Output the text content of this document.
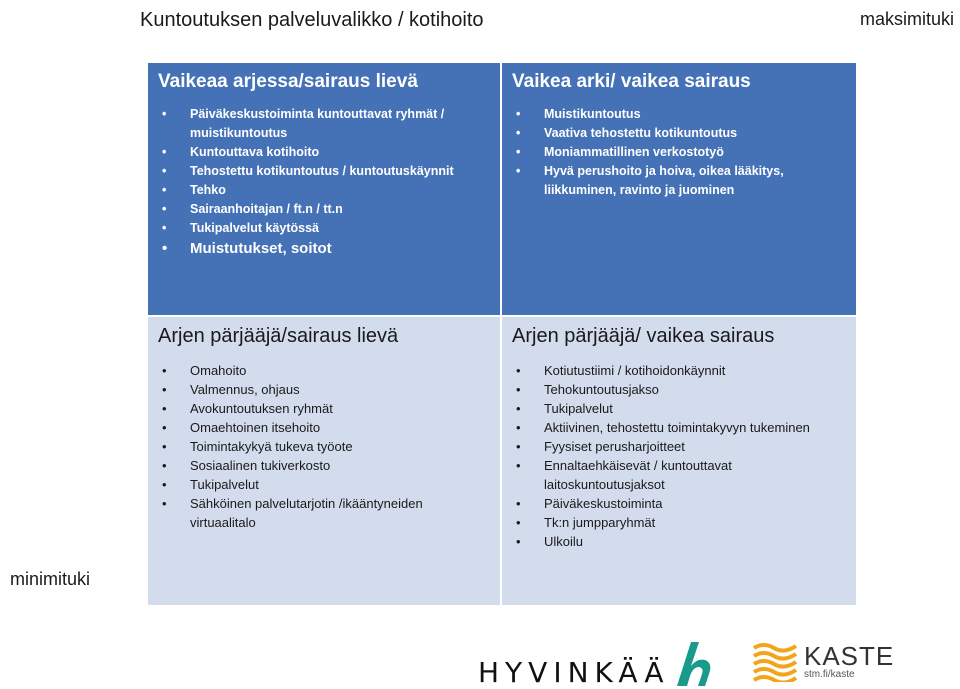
Kuntoutuksen palveluvalikko / kotihoito	maksimituki
minimituki
Vaikeaa arjessa/sairaus lievä
• Päiväkeskustoiminta kuntouttavat ryhmät / muistikuntoutus
• Kuntouttava kotihoito
• Tehostettu kotikuntoutus / kuntoutuskäynnit
• Tehko
• Sairaanhoitajan / ft.n / tt.n
• Tukipalvelut käytössä
• Muistutukset, soitot
Vaikea arki/ vaikea sairaus
• Muistikuntoutus
• Vaativa tehostettu kotikuntoutus
• Moniammatillinen verkostotyö
• Hyvä perushoito ja hoiva, oikea lääkitys, liikkuminen, ravinto ja juominen
Arjen pärjääjä/sairaus lievä
• Omahoito
• Valmennus, ohjaus
• Avokuntoutuksen ryhmät
• Omaehtoinen itsehoito
• Toimintakykyä tukeva työote
• Sosiaalinen tukiverkosto
• Tukipalvelut
• Sähköinen palvelutarjotin /ikääntyneiden virtuaalitalo
Arjen pärjääjä/ vaikea sairaus
• Kotiutustiimi / kotihoidonkäynnit
• Tehokuntoutusjakso
• Tukipalvelut
• Aktiivinen, tehostettu toimintakyvyn tukeminen
• Fyysiset perusharjoitteet
• Ennaltaehkäisevät / kuntouttavat laitoskuntoutusjaksot
• Päiväkeskustoiminta
• Tk:n jumpparyhmät
• Ulkoilu
HYVINKÄÄ
KASTE
stm.fi/kaste
